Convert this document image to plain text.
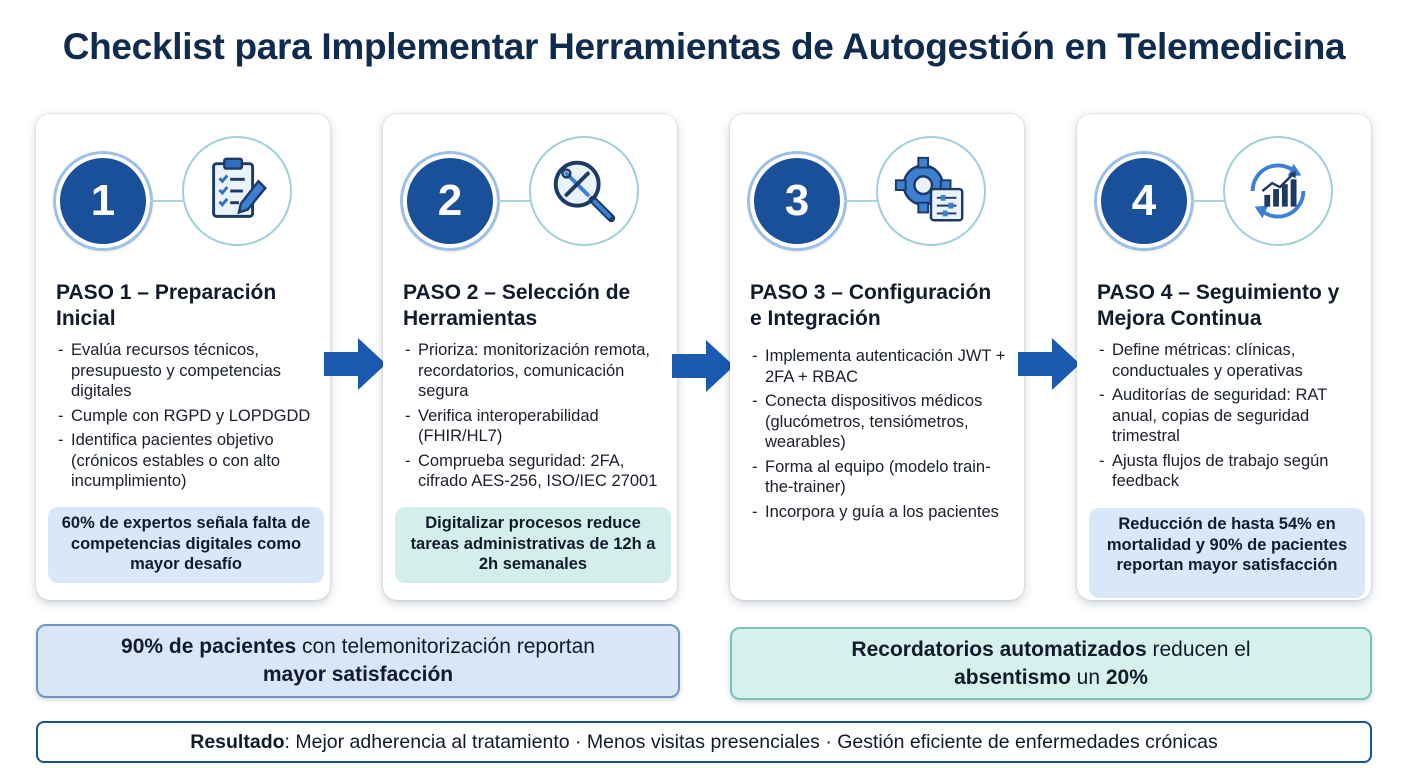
Checklist para Implementar Herramientas de Autogestión en Telemedicina
1
PASO 1 – Preparación
Inicial
- Evalúa recursos técnicos, presupuesto y competencias digitales
- Cumple con RGPD y LOPDGDD
- Identifica pacientes objetivo (crónicos estables o con alto incumplimiento)
60% de expertos señala falta de competencias digitales como mayor desafío
2
PASO 2 – Selección de
Herramientas
- Prioriza: monitorización remota, recordatorios, comunicación segura
- Verifica interoperabilidad (FHIR/HL7)
- Comprueba seguridad: 2FA, cifrado AES-256, ISO/IEC 27001
Digitalizar procesos reduce tareas administrativas de 12h a 2h semanales
3
PASO 3 – Configuración
e Integración
- Implementa autenticación JWT + 2FA + RBAC
- Conecta dispositivos médicos (glucómetros, tensiómetros, wearables)
- Forma al equipo (modelo train-the-trainer)
- Incorpora y guía a los pacientes
4
PASO 4 – Seguimiento y
Mejora Continua
- Define métricas: clínicas, conductuales y operativas
- Auditorías de seguridad: RAT anual, copias de seguridad trimestral
- Ajusta flujos de trabajo según feedback
Reducción de hasta 54% en mortalidad y 90% de pacientes reportan mayor satisfacción
90% de pacientes con telemonitorización reportan
mayor satisfacción
Recordatorios automatizados reducen el
absentismo un 20%
Resultado: Mejor adherencia al tratamiento · Menos visitas presenciales · Gestión eficiente de enfermedades crónicas
